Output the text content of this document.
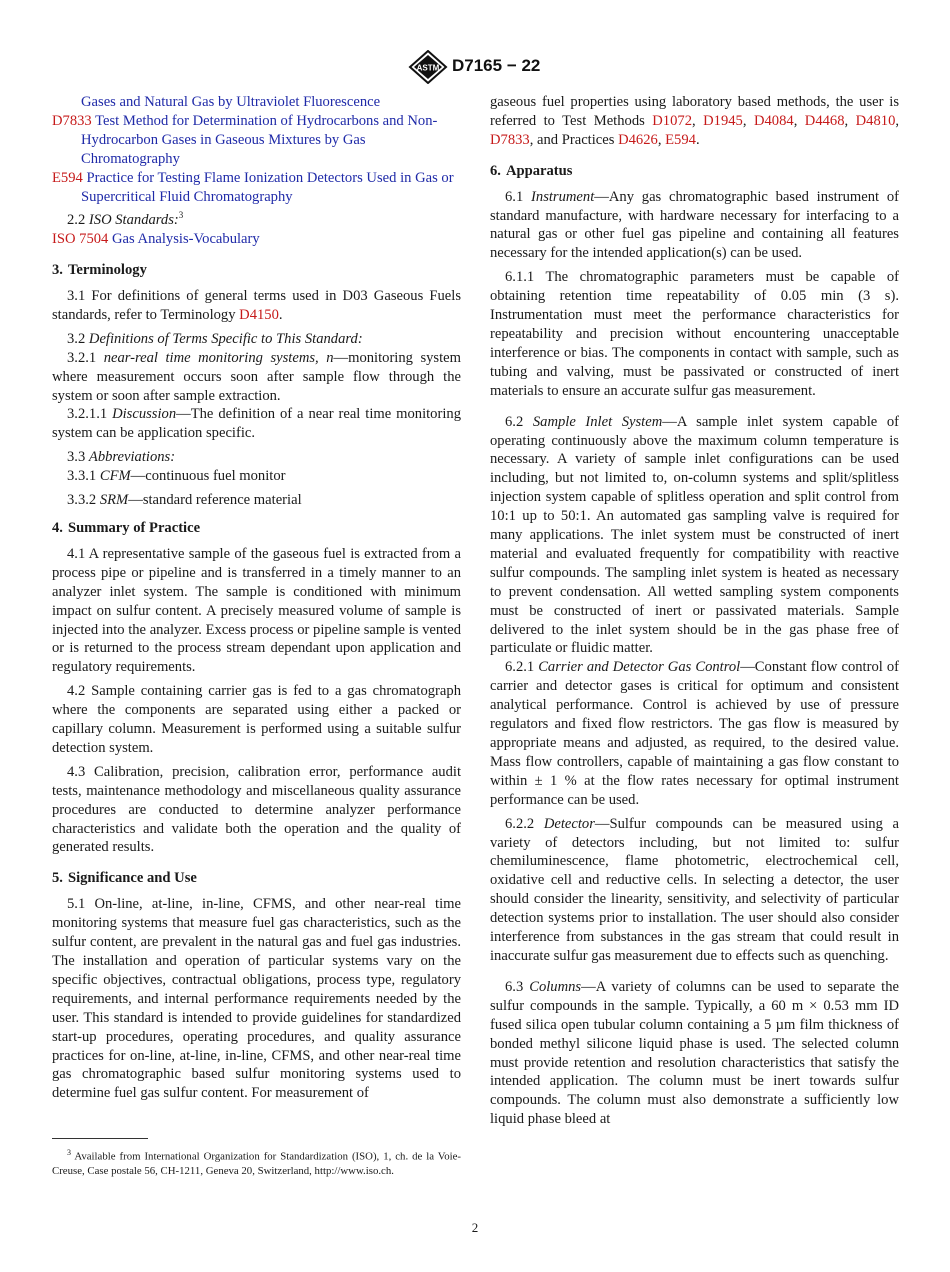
ASTM D7165 − 22

Gases and Natural Gas by Ultraviolet Fluorescence

D7833 Test Method for Determination of Hydrocarbons and Non-Hydrocarbon Gases in Gaseous Mixtures by Gas Chromatography

E594 Practice for Testing Flame Ionization Detectors Used in Gas or Supercritical Fluid Chromatography

2.2 ISO Standards:$^3$

ISO 7504 Gas Analysis-Vocabulary

3. Terminology

3.1 For definitions of general terms used in D03 Gaseous Fuels standards, refer to Terminology D4150.

3.2 Definitions of Terms Specific to This Standard:

3.2.1 near-real time monitoring systems, n—monitoring system where measurement occurs soon after sample flow through the system or soon after sample extraction.

3.2.1.1 Discussion—The definition of a near real time monitoring system can be application specific.

3.3 Abbreviations:

3.3.1 CFM—continuous fuel monitor

3.3.2 SRM—standard reference material

4. Summary of Practice

4.1 A representative sample of the gaseous fuel is extracted from a process pipe or pipeline and is transferred in a timely manner to an analyzer inlet system. The sample is conditioned with minimum impact on sulfur content. A precisely measured volume of sample is injected into the analyzer. Excess process or pipeline sample is vented or is returned to the process stream dependant upon application and regulatory requirements.

4.2 Sample containing carrier gas is fed to a gas chromatograph where the components are separated using either a packed or capillary column. Measurement is performed using a suitable sulfur detection system.

4.3 Calibration, precision, calibration error, performance audit tests, maintenance methodology and miscellaneous quality assurance procedures are conducted to determine analyzer performance characteristics and validate both the operation and the quality of generated results.

5. Significance and Use

5.1 On-line, at-line, in-line, CFMS, and other near-real time monitoring systems that measure fuel gas characteristics, such as the sulfur content, are prevalent in the natural gas and fuel gas industries. The installation and operation of particular systems vary on the specific objectives, contractual obligations, process type, regulatory requirements, and internal performance requirements needed by the user. This standard is intended to provide guidelines for standardized start-up procedures, operating procedures, and quality assurance practices for on-line, at-line, in-line, CFMS, and other near-real time gas chromatographic based sulfur monitoring systems used to determine fuel gas sulfur content. For measurement of

$^3$ Available from International Organization for Standardization (ISO), 1, ch. de la Voie-Creuse, Case postale 56, CH-1211, Geneva 20, Switzerland, http://www.iso.ch.

gaseous fuel properties using laboratory based methods, the user is referred to Test Methods D1072, D1945, D4084, D4468, D4810, D7833, and Practices D4626, E594.

6. Apparatus

6.1 Instrument—Any gas chromatographic based instrument of standard manufacture, with hardware necessary for interfacing to a natural gas or other fuel gas pipeline and containing all features necessary for the intended application(s) can be used.

6.1.1 The chromatographic parameters must be capable of obtaining retention time repeatability of 0.05 min (3 s). Instrumentation must meet the performance characteristics for repeatability and precision without encountering unacceptable interference or bias. The components in contact with sample, such as tubing and valving, must be passivated or constructed of inert materials to ensure an accurate sulfur gas measurement.

6.2 Sample Inlet System—A sample inlet system capable of operating continuously above the maximum column temperature is necessary. A variety of sample inlet configurations can be used including, but not limited to, on-column systems and split/splitless injection system capable of splitless operation and split control from 10:1 up to 50:1. An automated gas sampling valve is required for many applications. The inlet system must be constructed of inert material and evaluated frequently for compatibility with reactive sulfur compounds. The sampling inlet system is heated as necessary to prevent condensation. All wetted sampling system components must be constructed of inert or passivated materials. Sample delivered to the inlet system should be in the gas phase free of particulate or fluidic matter.

6.2.1 Carrier and Detector Gas Control—Constant flow control of carrier and detector gases is critical for optimum and consistent analytical performance. Control is achieved by use of pressure regulators and fixed flow restrictors. The gas flow is measured by appropriate means and adjusted, as required, to the desired value. Mass flow controllers, capable of maintaining a gas flow constant to within ± 1 % at the flow rates necessary for optimal instrument performance can be used.

6.2.2 Detector—Sulfur compounds can be measured using a variety of detectors including, but not limited to: sulfur chemiluminescence, flame photometric, electrochemical cell, oxidative cell and reductive cells. In selecting a detector, the user should consider the linearity, sensitivity, and selectivity of particular detection systems prior to installation. The user should also consider interference from substances in the gas stream that could result in inaccurate sulfur gas measurement due to effects such as quenching.

6.3 Columns—A variety of columns can be used to separate the sulfur compounds in the sample. Typically, a 60 m × 0.53 mm ID fused silica open tubular column containing a 5 µm film thickness of bonded methyl silicone liquid phase is used. The selected column must provide retention and resolution characteristics that satisfy the intended application. The column must be inert towards sulfur compounds. The column must also demonstrate a sufficiently low liquid phase bleed at

2
